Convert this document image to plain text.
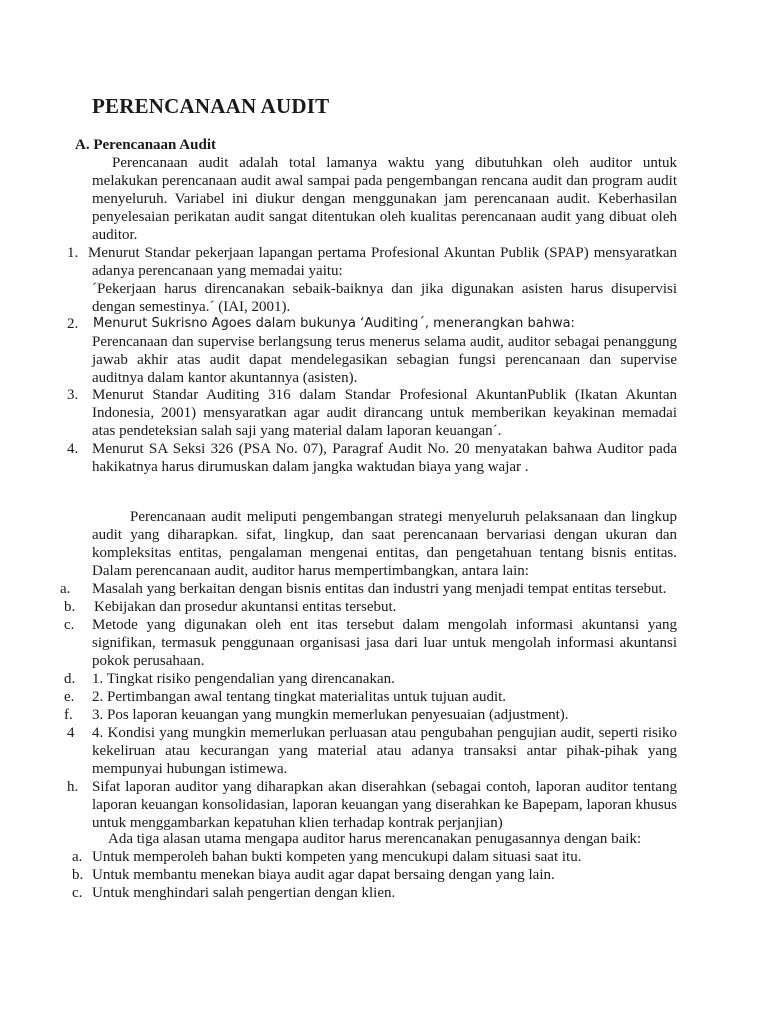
PERENCANAAN AUDIT
A. Perencanaan Audit
Perencanaan audit adalah total lamanya waktu yang dibutuhkan oleh auditor untuk
melakukan perencanaan audit awal sampai pada pengembangan rencana audit dan program audit
menyeluruh. Variabel ini diukur dengan menggunakan jam perencanaan audit. Keberhasilan
penyelesaian perikatan audit sangat ditentukan oleh kualitas perencanaan audit yang dibuat oleh
auditor.
1. Menurut Standar pekerjaan lapangan pertama Profesional Akuntan Publik (SPAP) mensyaratkan
adanya perencanaan yang memadai yaitu:
´Pekerjaan harus direncanakan sebaik-baiknya dan jika digunakan asisten harus disupervisi
dengan semestinya.´ (IAI, 2001).
2. Menurut Sukrisno Agoes dalam bukunya ‘Auditing´, menerangkan bahwa:
Perencanaan dan supervise berlangsung terus menerus selama audit, auditor sebagai penanggung
jawab akhir atas audit dapat mendelegasikan sebagian fungsi perencanaan dan supervise
auditnya dalam kantor akuntannya (asisten).
3. Menurut Standar Auditing 316 dalam Standar Profesional AkuntanPublik (Ikatan Akuntan
Indonesia, 2001) mensyaratkan agar audit dirancang untuk memberikan keyakinan memadai
atas pendeteksian salah saji yang material dalam laporan keuangan´.
4. Menurut SA Seksi 326 (PSA No. 07), Paragraf Audit No. 20 menyatakan bahwa Auditor pada
hakikatnya harus dirumuskan dalam jangka waktudan biaya yang wajar .
Perencanaan audit meliputi pengembangan strategi menyeluruh pelaksanaan dan lingkup
audit yang diharapkan. sifat, lingkup, dan saat perencanaan bervariasi dengan ukuran dan
kompleksitas entitas, pengalaman mengenai entitas, dan pengetahuan tentang bisnis entitas.
Dalam perencanaan audit, auditor harus mempertimbangkan, antara lain:
a. Masalah yang berkaitan dengan bisnis entitas dan industri yang menjadi tempat entitas tersebut.
b. Kebijakan dan prosedur akuntansi entitas tersebut.
c. Metode yang digunakan oleh ent itas tersebut dalam mengolah informasi akuntansi yang
signifikan, termasuk penggunaan organisasi jasa dari luar untuk mengolah informasi akuntansi
pokok perusahaan.
d. 1. Tingkat risiko pengendalian yang direncanakan.
e. 2. Pertimbangan awal tentang tingkat materialitas untuk tujuan audit.
f. 3. Pos laporan keuangan yang mungkin memerlukan penyesuaian (adjustment).
4 4. Kondisi yang mungkin memerlukan perluasan atau pengubahan pengujian audit, seperti risiko
kekeliruan atau kecurangan yang material atau adanya transaksi antar pihak-pihak yang
mempunyai hubungan istimewa.
h. Sifat laporan auditor yang diharapkan akan diserahkan (sebagai contoh, laporan auditor tentang
laporan keuangan konsolidasian, laporan keuangan yang diserahkan ke Bapepam, laporan khusus
untuk menggambarkan kepatuhan klien terhadap kontrak perjanjian)
Ada tiga alasan utama mengapa auditor harus merencanakan penugasannya dengan baik:
a. Untuk memperoleh bahan bukti kompeten yang mencukupi dalam situasi saat itu.
b. Untuk membantu menekan biaya audit agar dapat bersaing dengan yang lain.
c. Untuk menghindari salah pengertian dengan klien.
